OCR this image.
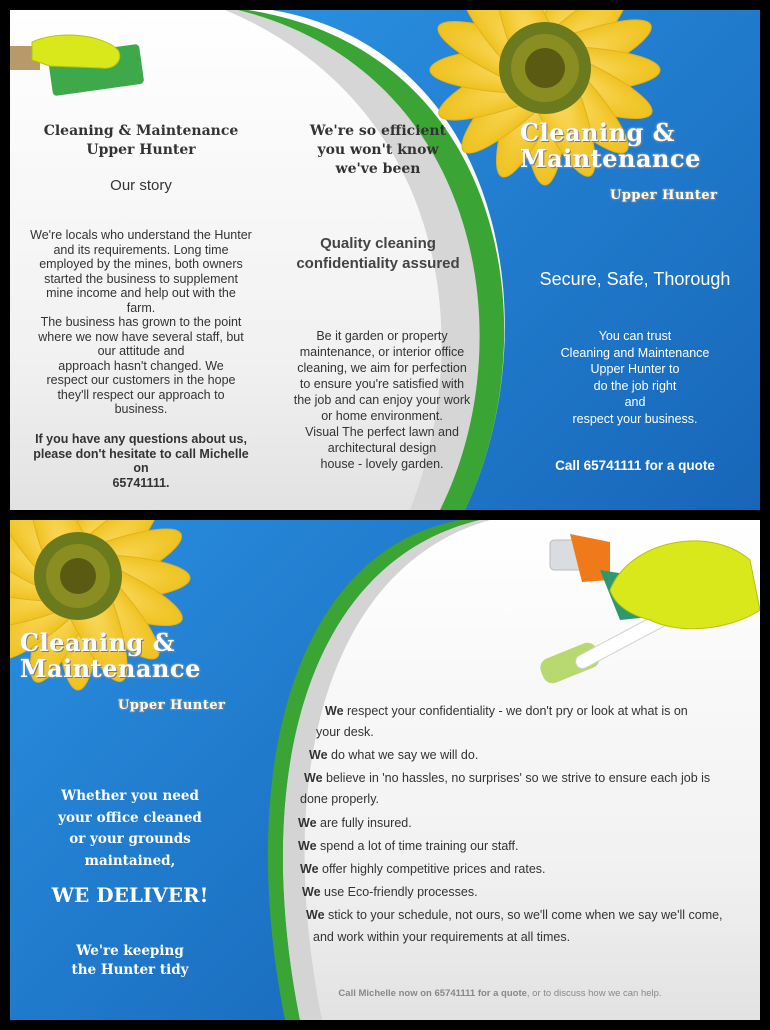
Cleaning & Maintenance
Upper Hunter
Our story
We're locals who understand the Hunter
and its requirements. Long time
employed by the mines, both owners
started the business to supplement
mine income and help out with the
farm.
The business has grown to the point
where we now have several staff, but
our attitude and
approach hasn't changed. We
respect our customers in the hope
they'll respect our approach to
business.
If you have any questions about us,
please don't hesitate to call Michelle on
65741111.
We're so efficient
you won't know
we've been
Quality cleaning
confidentiality assured
Be it garden or property
maintenance, or interior office
cleaning, we aim for perfection
to ensure you're satisfied with
the job and can enjoy your work
or home environment.
Visual The perfect lawn and
architectural design
house - lovely garden.
Cleaning &
Maintenance
Upper Hunter
Secure, Safe, Thorough
You can trust
Cleaning and Maintenance
Upper Hunter to
do the job right
and
respect your business.
Call 65741111 for a quote
Cleaning &
Maintenance
Upper Hunter
Whether you need
your office cleaned
or your grounds
maintained,
WE DELIVER!
We're keeping
the Hunter tidy
We respect your confidentiality - we don't pry or look at what is on
your desk.
We do what we say we will do.
We believe in 'no hassles, no surprises' so we strive to ensure each job is
done properly.
We are fully insured.
We spend a lot of time training our staff.
We offer highly competitive prices and rates.
We use Eco-friendly processes.
We stick to your schedule, not ours, so we'll come when we say we'll come,
and work within your requirements at all times.
Call Michelle now on 65741111 for a quote, or to discuss how we can help.
